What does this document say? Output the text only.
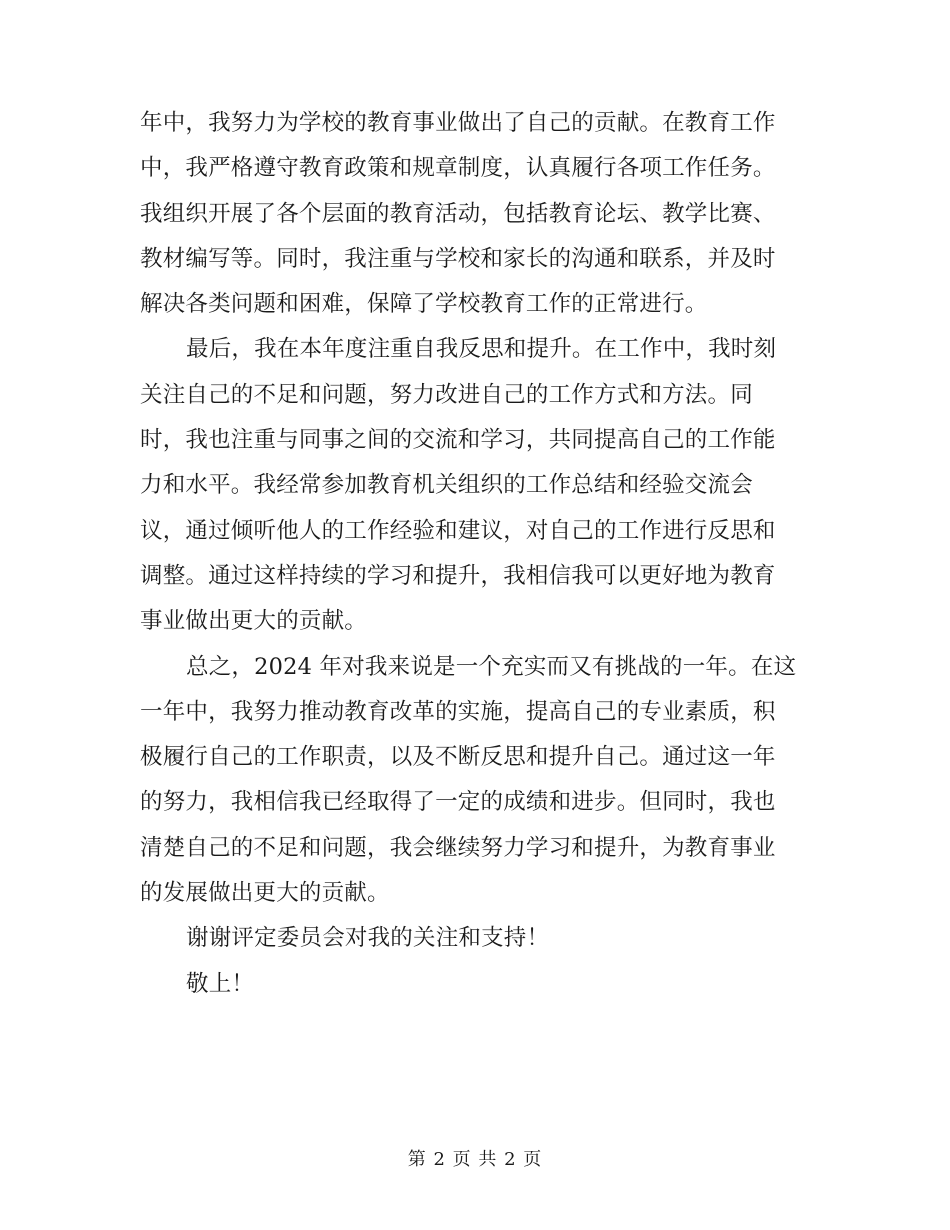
年中，我努力为学校的教育事业做出了自己的贡献。在教育工作
中，我严格遵守教育政策和规章制度，认真履行各项工作任务。
我组织开展了各个层面的教育活动，包括教育论坛、教学比赛、
教材编写等。同时，我注重与学校和家长的沟通和联系，并及时
解决各类问题和困难，保障了学校教育工作的正常进行。
最后，我在本年度注重自我反思和提升。在工作中，我时刻
关注自己的不足和问题，努力改进自己的工作方式和方法。同
时，我也注重与同事之间的交流和学习，共同提高自己的工作能
力和水平。我经常参加教育机关组织的工作总结和经验交流会
议，通过倾听他人的工作经验和建议，对自己的工作进行反思和
调整。通过这样持续的学习和提升，我相信我可以更好地为教育
事业做出更大的贡献。
总之，2024 年对我来说是一个充实而又有挑战的一年。在这
一年中，我努力推动教育改革的实施，提高自己的专业素质，积
极履行自己的工作职责，以及不断反思和提升自己。通过这一年
的努力，我相信我已经取得了一定的成绩和进步。但同时，我也
清楚自己的不足和问题，我会继续努力学习和提升，为教育事业
的发展做出更大的贡献。
谢谢评定委员会对我的关注和支持！
敬上！
第 2 页 共 2 页
